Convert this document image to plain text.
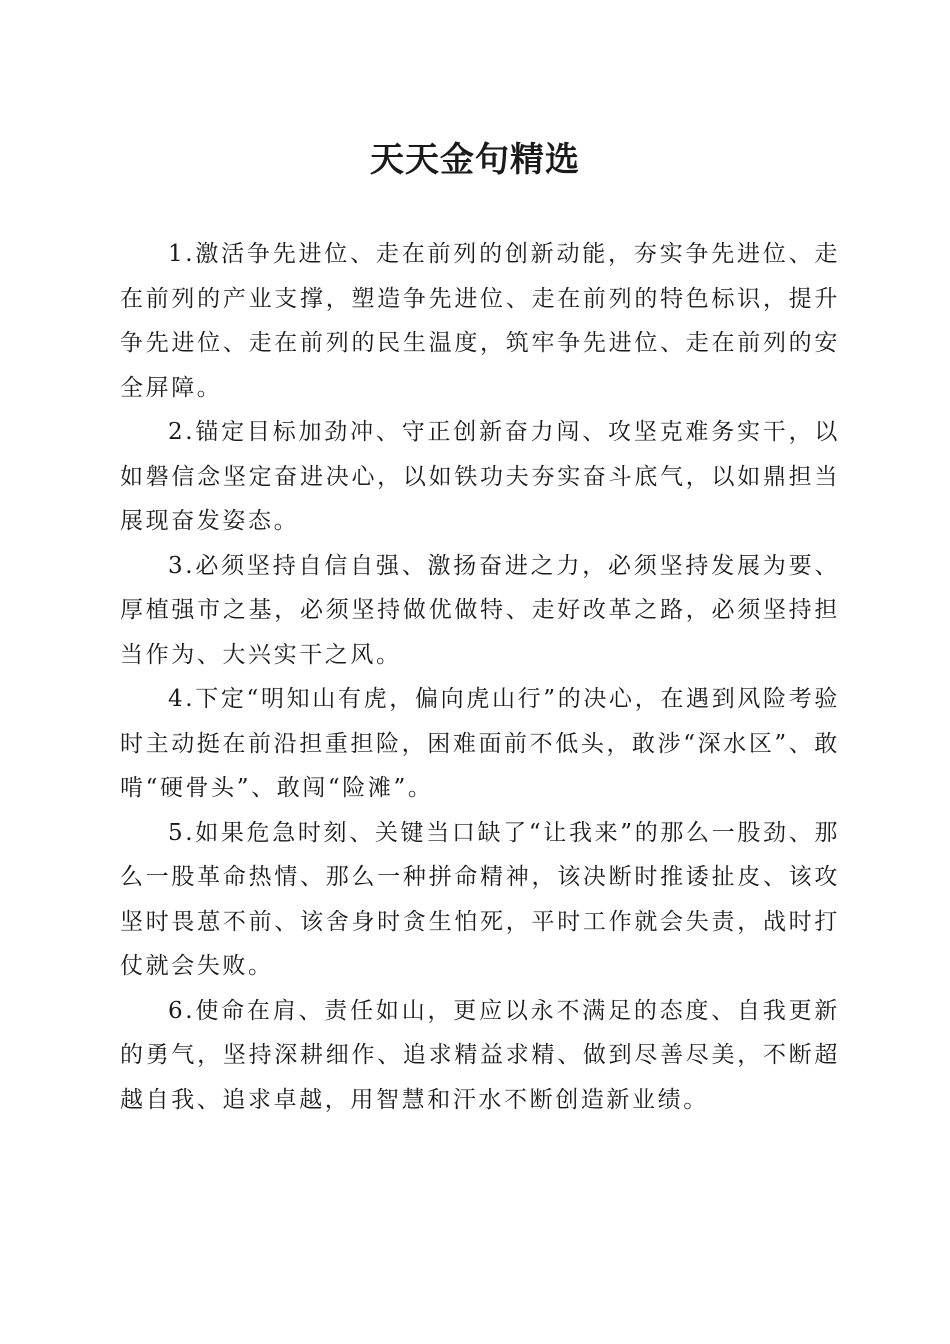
天天金句精选

1.激活争先进位、走在前列的创新动能，夯实争先进位、走在前列的产业支撑，塑造争先进位、走在前列的特色标识，提升争先进位、走在前列的民生温度，筑牢争先进位、走在前列的安全屏障。

2.锚定目标加劲冲、守正创新奋力闯、攻坚克难务实干，以如磐信念坚定奋进决心，以如铁功夫夯实奋斗底气，以如鼎担当展现奋发姿态。

3.必须坚持自信自强、激扬奋进之力，必须坚持发展为要、厚植强市之基，必须坚持做优做特、走好改革之路，必须坚持担当作为、大兴实干之风。

4.下定“明知山有虎，偏向虎山行”的决心，在遇到风险考验时主动挺在前沿担重担险，困难面前不低头，敢涉“深水区”、敢啃“硬骨头”、敢闯“险滩”。

5.如果危急时刻、关键当口缺了“让我来”的那么一股劲、那么一股革命热情、那么一种拼命精神，该决断时推诿扯皮、该攻坚时畏葸不前、该舍身时贪生怕死，平时工作就会失责，战时打仗就会失败。

6.使命在肩、责任如山，更应以永不满足的态度、自我更新的勇气，坚持深耕细作、追求精益求精、做到尽善尽美，不断超越自我、追求卓越，用智慧和汗水不断创造新业绩。
